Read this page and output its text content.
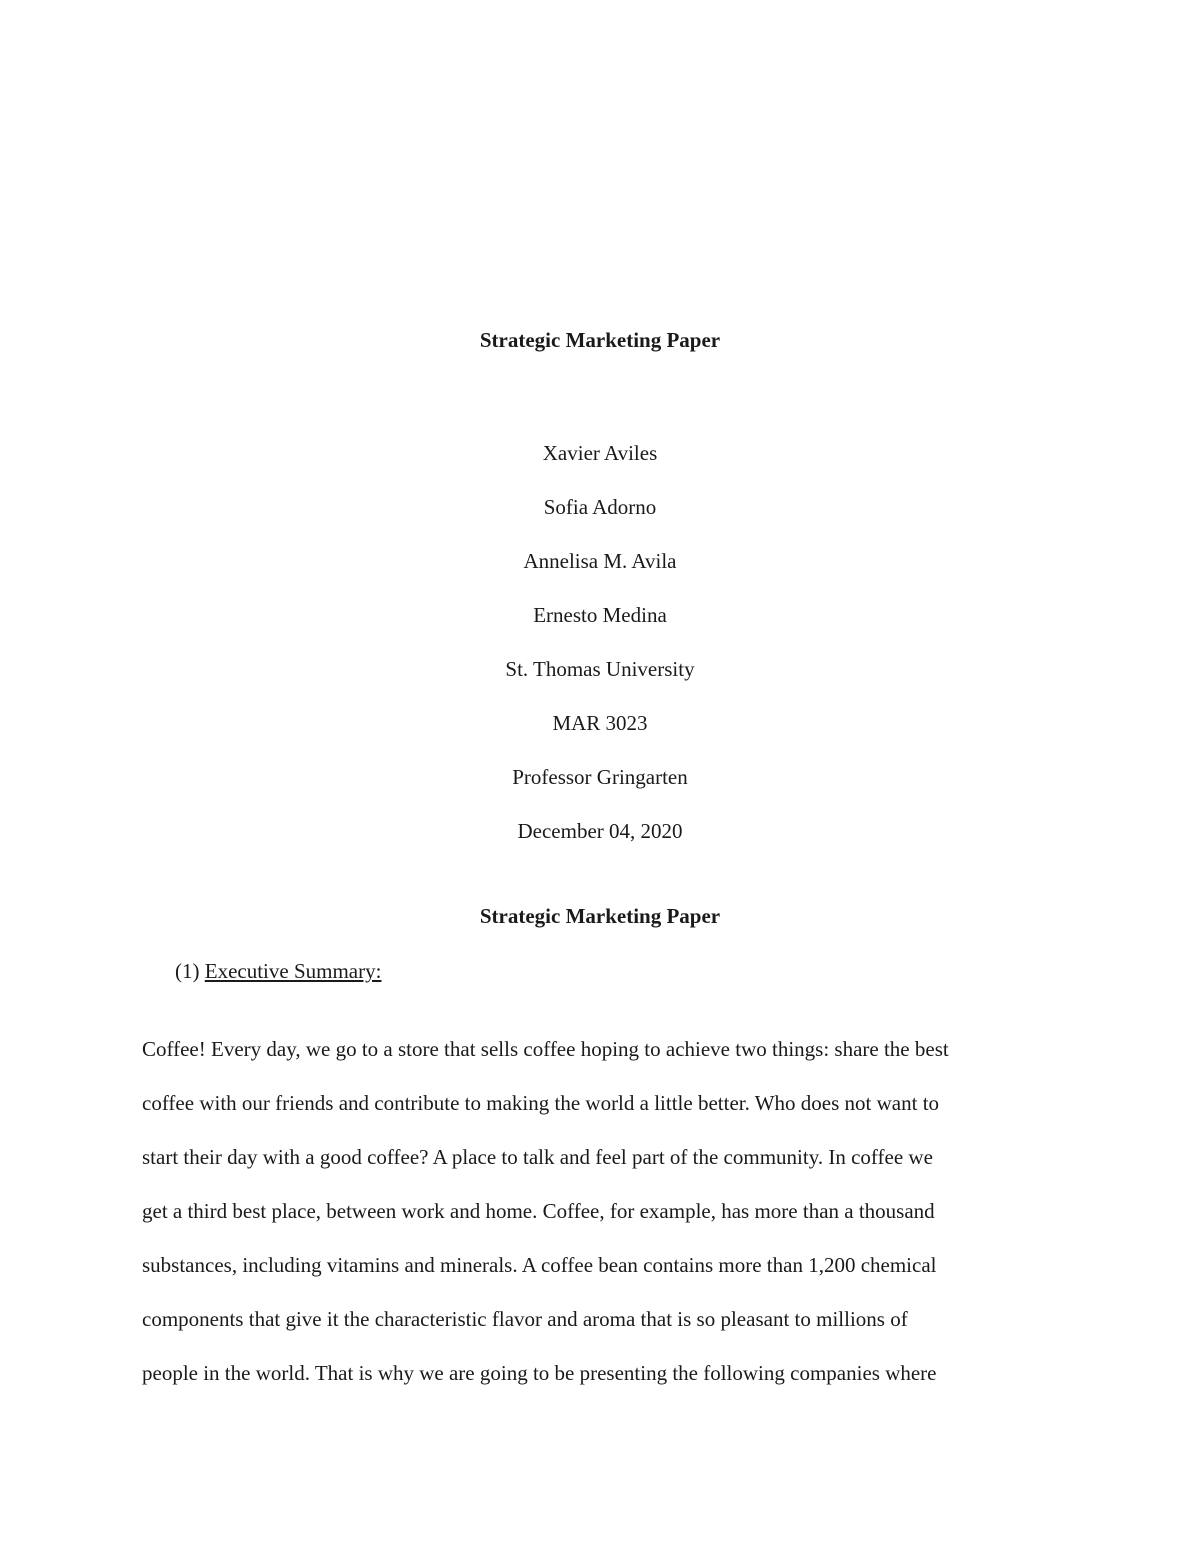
Strategic Marketing Paper
Xavier Aviles
Sofia Adorno
Annelisa M. Avila
Ernesto Medina
St. Thomas University
MAR 3023
Professor Gringarten
December 04, 2020
Strategic Marketing Paper
(1) Executive Summary:
Coffee! Every day, we go to a store that sells coffee hoping to achieve two things: share the best
coffee with our friends and contribute to making the world a little better. Who does not want to
start their day with a good coffee? A place to talk and feel part of the community. In coffee we
get a third best place, between work and home. Coffee, for example, has more than a thousand
substances, including vitamins and minerals. A coffee bean contains more than 1,200 chemical
components that give it the characteristic flavor and aroma that is so pleasant to millions of
people in the world. That is why we are going to be presenting the following companies where
